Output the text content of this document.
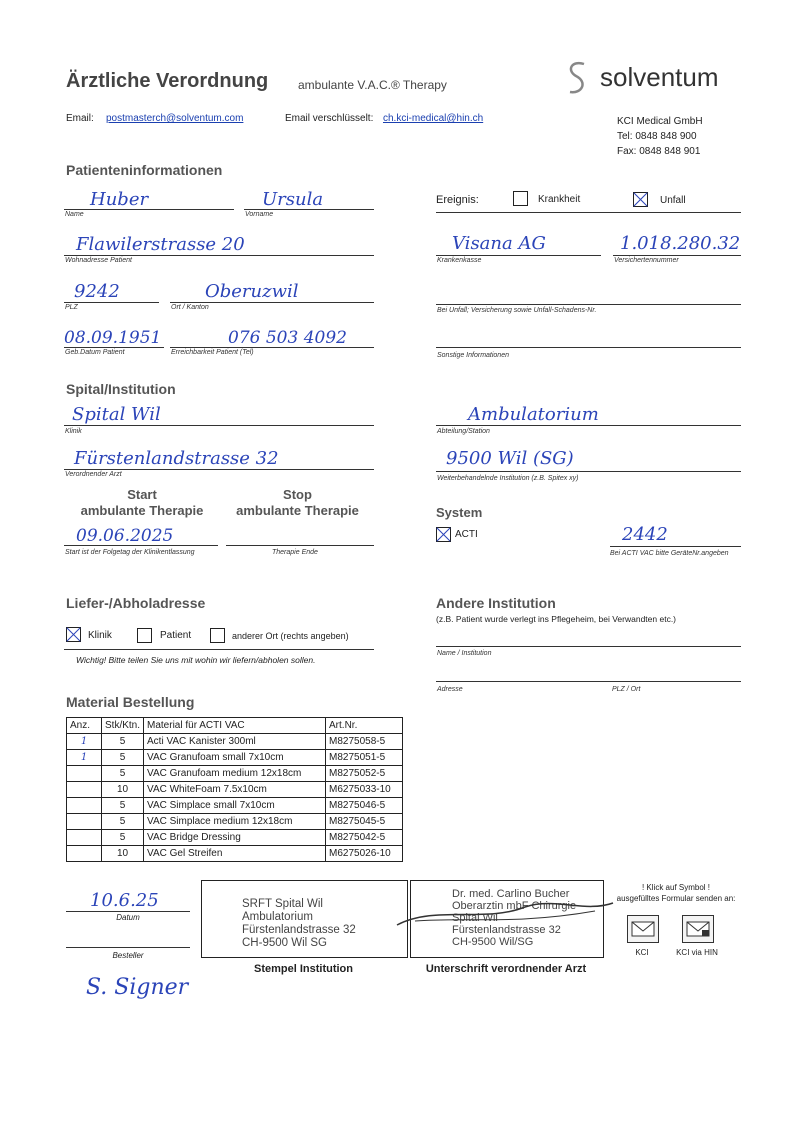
Ärztliche Verordnung ambulante V.A.C.® Therapy	solventum
Email: postmasterch@solventum.com	Email verschlüsselt: ch.kci-medical@hin.ch	KCI Medical GmbH
Tel: 0848 848 900
Fax: 0848 848 901
Patienteninformationen
Huber
Name
Ursula
Vorname
Flawilerstrasse 20
Wohnadresse Patient
9242
PLZ
Oberuzwil
Ort / Kanton
08.09.1951
Geb.Datum Patient
076 503 4092
Erreichbarkeit Patient (Tel)
Ereignis:	Krankheit	Unfall
Visana AG
Krankenkasse
1.018.280.32
Versichertennummer
Bei Unfall; Versicherung sowie Unfall-Schadens-Nr.
Sonstige Informationen
Spital/Institution
Spital Wil
Klinik
Fürstenlandstrasse 32
Verordnender Arzt
Ambulatorium
Abteilung/Station
9500 Wil (SG)
Weiterbehandelnde Institution (z.B. Spitex xy)
Start
ambulante Therapie
Stop
ambulante Therapie
09.06.2025
Start ist der Folgetag der Klinikentlassung	Therapie Ende
System
ACTI	2442
Bei ACTI VAC bitte GeräteNr.angeben
Liefer-/Abholadresse
Klinik	Patient	anderer Ort (rechts angeben)
Wichtig! Bitte teilen Sie uns mit wohin wir liefern/abholen sollen.
Andere Institution
(z.B. Patient wurde verlegt ins Pflegeheim, bei Verwandten etc.)
Name / Institution
Adresse	PLZ / Ort
Material Bestellung
Anz.	Stk/Ktn.	Material für ACTI VAC	Art.Nr.
1	5	Acti VAC Kanister 300ml	M8275058-5
1	5	VAC Granufoam small 7x10cm	M8275051-5
	5	VAC Granufoam medium 12x18cm	M8275052-5
	10	VAC WhiteFoam 7.5x10cm	M6275033-10
	5	VAC Simplace small 7x10cm	M8275046-5
	5	VAC Simplace medium 12x18cm	M8275045-5
	5	VAC Bridge Dressing	M8275042-5
	10	VAC Gel Streifen	M6275026-10
10.6.25
Datum
Besteller
S. Signer
SRFT Spital Wil
Ambulatorium
Fürstenlandstrasse 32
CH-9500 Wil SG
Stempel Institution
Dr. med. Carlino Bucher
Oberarztin mbF Chirurgie
Spital Wil
Fürstenlandstrasse 32
CH-9500 Wil/SG
Unterschrift verordnender Arzt
! Klick auf Symbol !
ausgefülltes Formular senden an:
KCI	KCI via HIN
